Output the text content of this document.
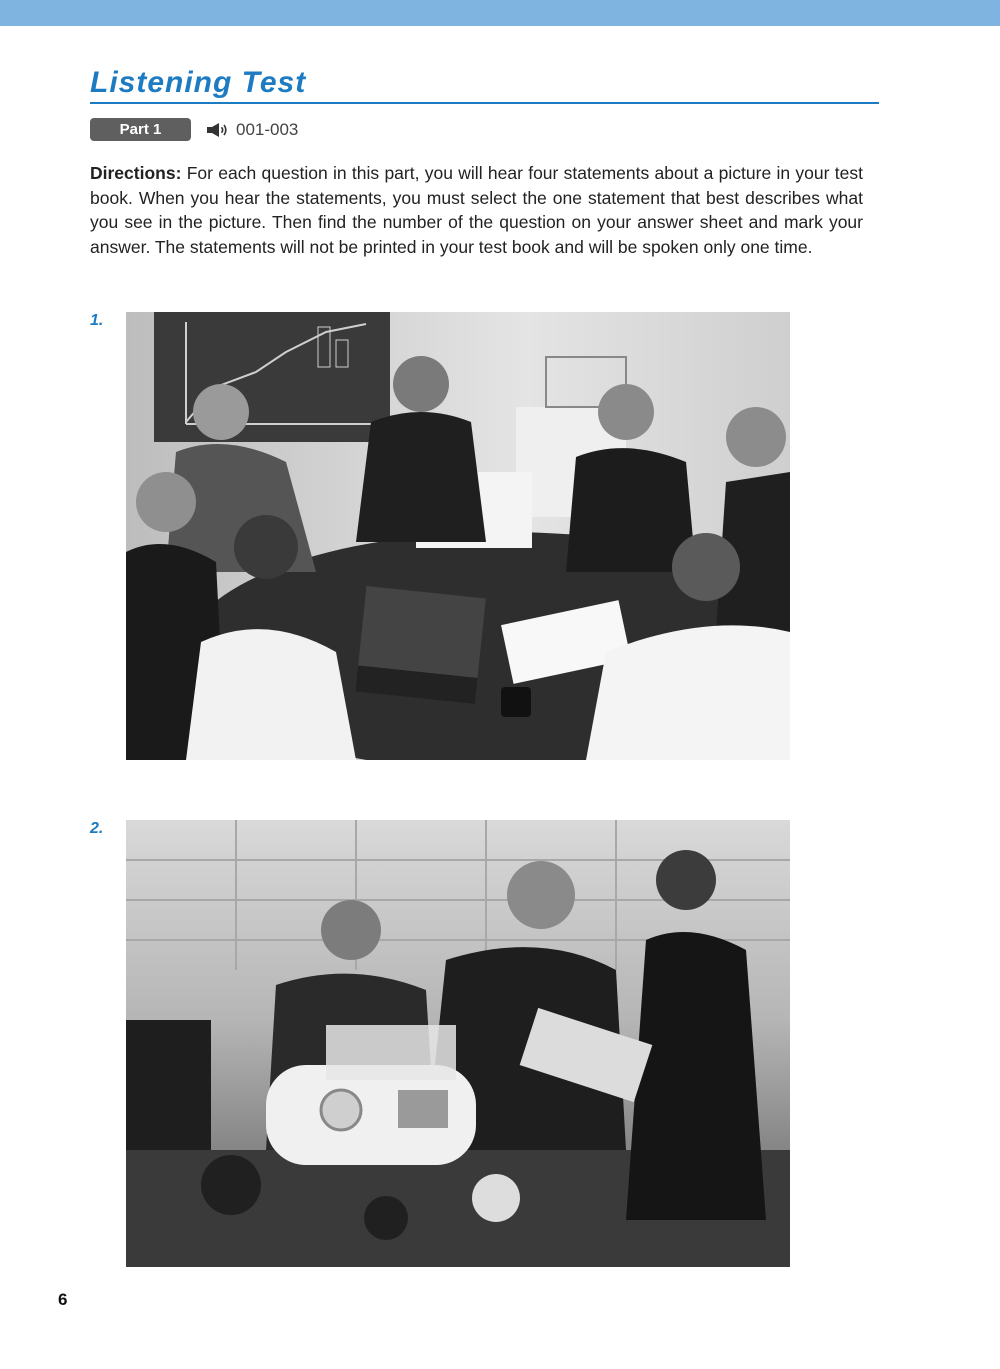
Listening Test
Part 1	001-003

Directions: For each question in this part, you will hear four statements about a picture in your test book. When you hear the statements, you must select the one statement that best describes what you see in the picture. Then find the number of the question on your answer sheet and mark your answer. The statements will not be printed in your test book and will be spoken only one time.

1.
2.
6
